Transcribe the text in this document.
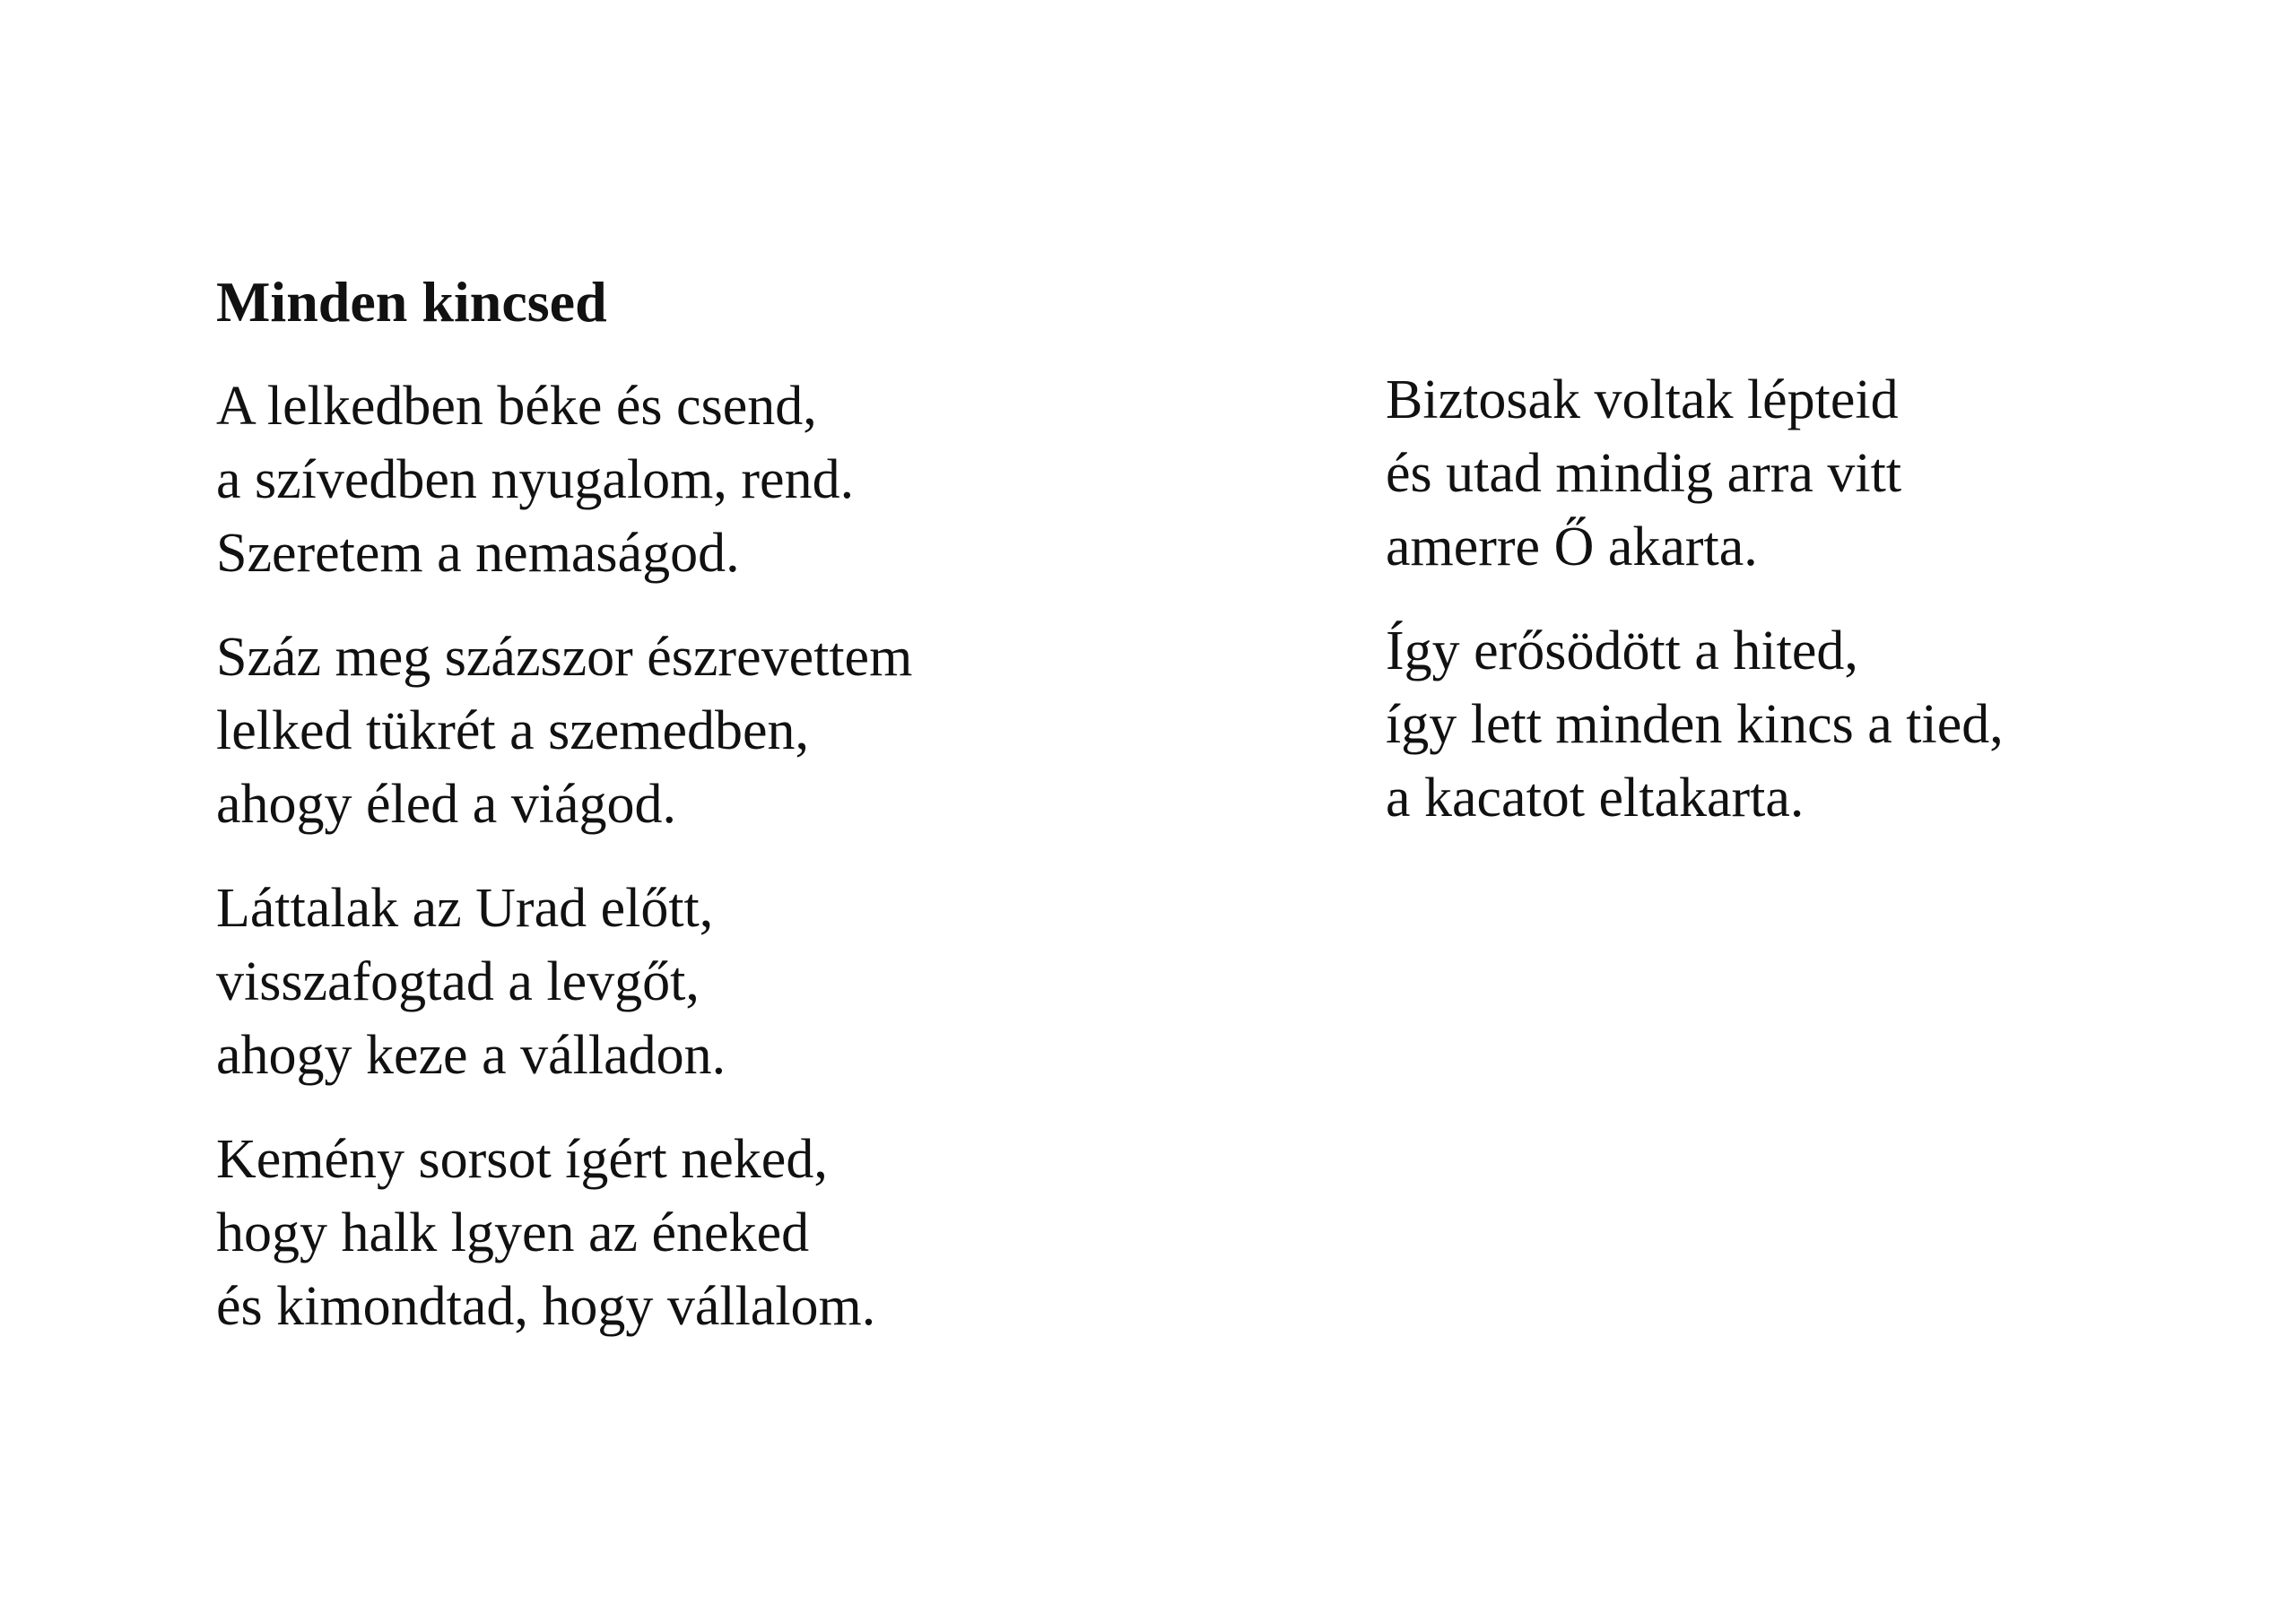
Minden kincsed
A lelkedben béke és csend,
a szívedben nyugalom, rend.
Szeretem a nemaságod.
Száz meg százszor észrevettem
lelked tükrét a szemedben,
ahogy éled a viágod.
Láttalak az Urad előtt,
visszafogtad a levgőt,
ahogy keze a válladon.
Kemény sorsot ígért neked,
hogy halk lgyen az éneked
és kimondtad, hogy vállalom.
Biztosak voltak lépteid
és utad mindig arra vitt
amerre Ő akarta.
Így erősödött a hited,
így lett minden kincs a tied,
a kacatot eltakarta.
